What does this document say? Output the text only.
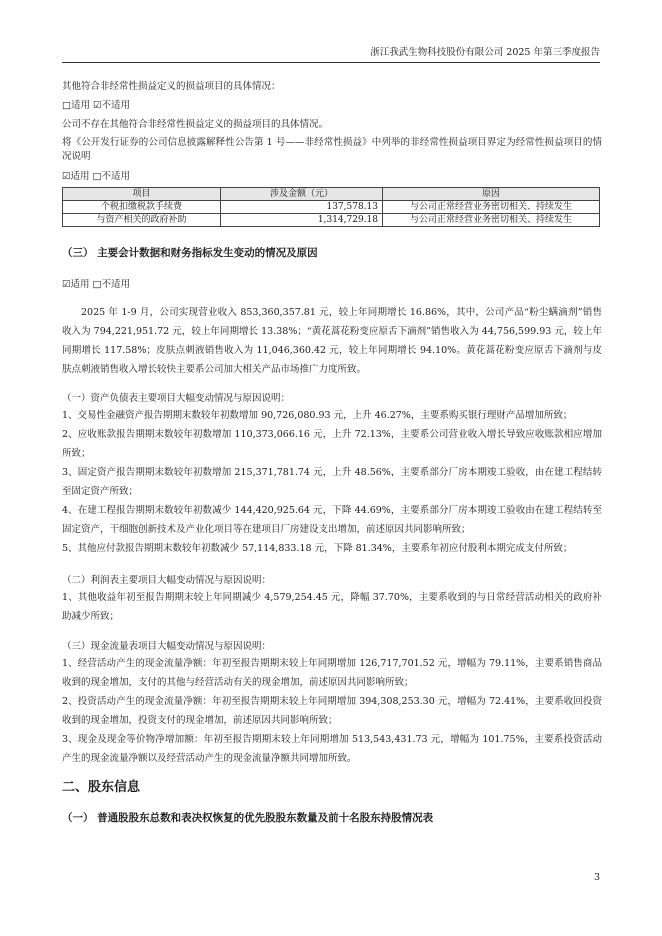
浙江我武生物科技股份有限公司 2025 年第三季度报告
其他符合非经常性损益定义的损益项目的具体情况：
□适用 ☑不适用
公司不存在其他符合非经常性损益定义的损益项目的具体情况。
将《公开发行证券的公司信息披露解释性公告第 1 号——非经常性损益》中列举的非经常性损益项目界定为经常性损益项目的情况说明
☑适用 □不适用
项目	涉及金额（元）	原因
个税扣缴税款手续费	137,578.13	与公司正常经营业务密切相关、持续发生
与资产相关的政府补助	1,314,729.18	与公司正常经营业务密切相关、持续发生
（三） 主要会计数据和财务指标发生变动的情况及原因
☑适用 □不适用
2025 年 1-9 月，公司实现营业收入 853,360,357.81 元，较上年同期增长 16.86%，其中，公司产品“粉尘螨滴剂”销售收入为 794,221,951.72 元，较上年同期增长 13.38%；“黄花蒿花粉变应原舌下滴剂”销售收入为 44,756,599.93 元，较上年同期增长 117.58%；皮肤点刺液销售收入为 11,046,360.42 元，较上年同期增长 94.10%。黄花蒿花粉变应原舌下滴剂与皮肤点刺液销售收入增长较快主要系公司加大相关产品市场推广力度所致。
（一）资产负债表主要项目大幅变动情况与原因说明：
1、交易性金融资产报告期期末数较年初数增加 90,726,080.93 元，上升 46.27%，主要系购买银行理财产品增加所致；
2、应收账款报告期期末数较年初数增加 110,373,066.16 元，上升 72.13%，主要系公司营业收入增长导致应收账款相应增加所致；
3、固定资产报告期期末数较年初数增加 215,371,781.74 元，上升 48.56%，主要系部分厂房本期竣工验收，由在建工程结转至固定资产所致；
4、在建工程报告期期末数较年初数减少 144,420,925.64 元，下降 44.69%，主要系部分厂房本期竣工验收由在建工程结转至固定资产，干细胞创新技术及产业化项目等在建项目厂房建设支出增加，前述原因共同影响所致；
5、其他应付款报告期期末数较年初数减少 57,114,833.18 元，下降 81.34%，主要系年初应付股利本期完成支付所致；
（二）利润表主要项目大幅变动情况与原因说明：
1、其他收益年初至报告期期末较上年同期减少 4,579,254.45 元，降幅 37.70%，主要系收到的与日常经营活动相关的政府补助减少所致；
（三）现金流量表项目大幅变动情况与原因说明：
1、经营活动产生的现金流量净额：年初至报告期期末较上年同期增加 126,717,701.52 元，增幅为 79.11%，主要系销售商品收到的现金增加，支付的其他与经营活动有关的现金增加，前述原因共同影响所致；
2、投资活动产生的现金流量净额：年初至报告期期末较上年同期增加 394,308,253.30 元，增幅为 72.41%，主要系收回投资收到的现金增加，投资支付的现金增加，前述原因共同影响所致；
3、现金及现金等价物净增加额：年初至报告期期末较上年同期增加 513,543,431.73 元，增幅为 101.75%，主要系投资活动产生的现金流量净额以及经营活动产生的现金流量净额共同增加所致。
二、股东信息
（一） 普通股股东总数和表决权恢复的优先股股东数量及前十名股东持股情况表
3
